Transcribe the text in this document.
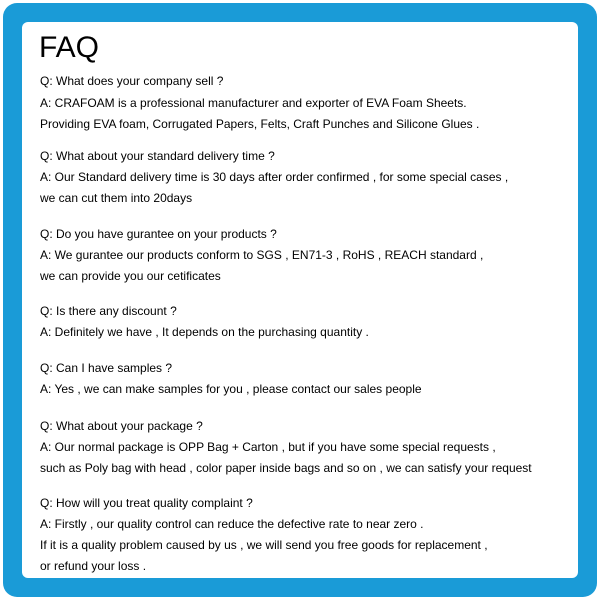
FAQ

Q: What does your company sell ?

A: CRAFOAM is a professional manufacturer and exporter of EVA Foam Sheets.

Providing EVA foam, Corrugated Papers, Felts, Craft Punches and Silicone Glues .

Q: What about your standard delivery time ?

A: Our Standard delivery time is 30 days after order confirmed , for some special cases ,

we can cut them into 20days

Q: Do you have gurantee on your products ?

A: We gurantee our products conform to SGS , EN71-3 , RoHS , REACH standard ,

we can provide you our cetificates

Q: Is there any discount ?

A: Definitely we have , It depends on the purchasing quantity .

Q: Can I have samples ?

A: Yes , we can make samples for you , please contact our sales people

Q: What about your package ?

A: Our normal package is OPP Bag + Carton , but if you have some special requests ,

such as Poly bag with head , color paper inside bags and so on , we can satisfy your request

Q: How will you treat quality complaint ?

A: Firstly , our quality control can reduce the defective rate to near zero .

If it is a quality problem caused by us , we will send you free goods for replacement ,

or refund your loss .
